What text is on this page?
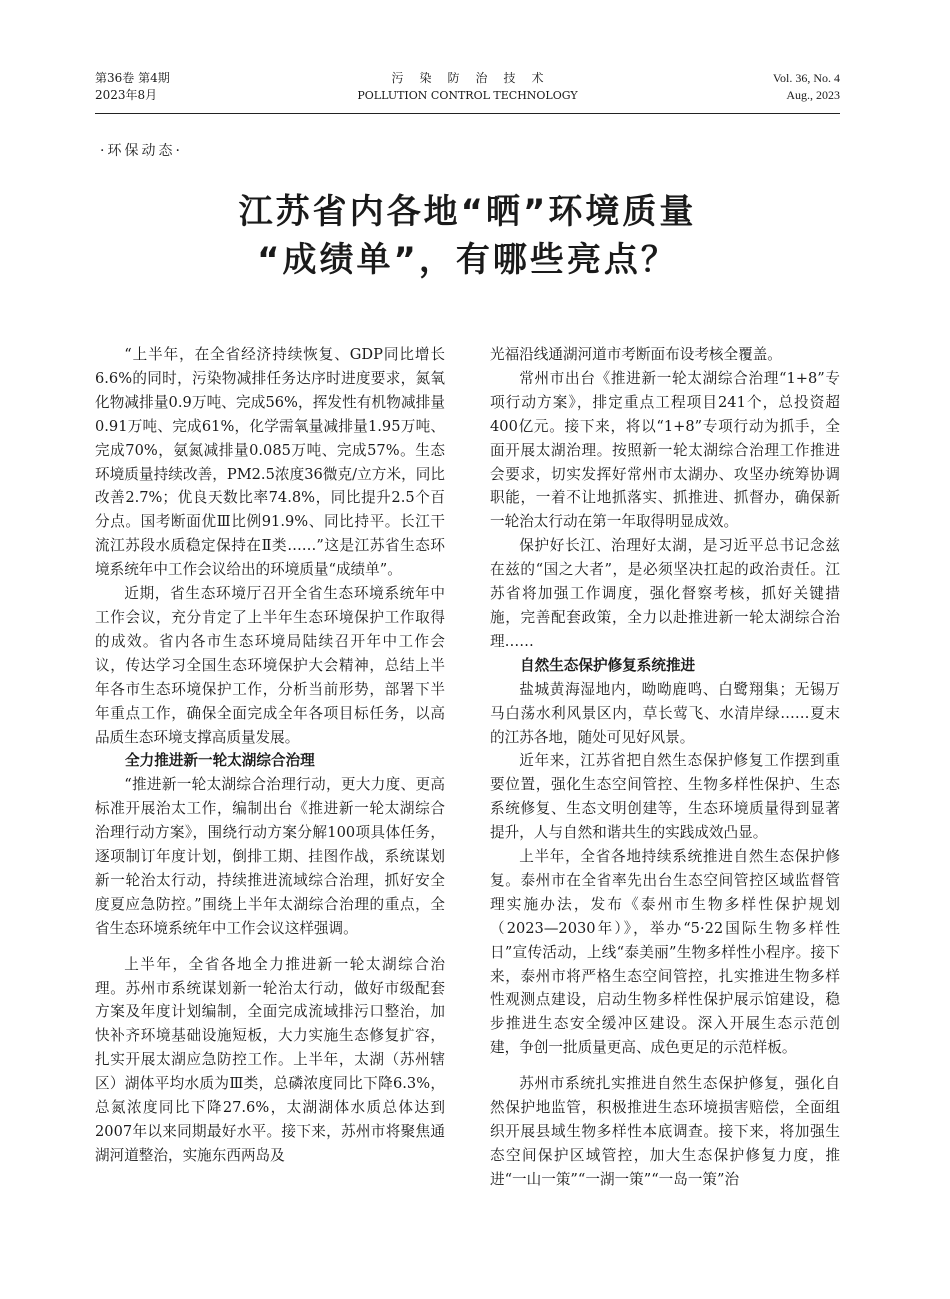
第36卷 第4期
2023年8月
污染防治技术
POLLUTION CONTROL TECHNOLOGY
Vol. 36, No. 4
Aug., 2023
·环保动态·
江苏省内各地“晒”环境质量
“成绩单”，有哪些亮点？

“上半年，在全省经济持续恢复、GDP同比增长6.6%的同时，污染物减排任务达序时进度要求，氮氧化物减排量0.9万吨、完成56%，挥发性有机物减排量0.91万吨、完成61%，化学需氧量减排量1.95万吨、完成70%，氨氮减排量0.085万吨、完成57%。生态环境质量持续改善，PM2.5浓度36微克/立方米，同比改善2.7%；优良天数比率74.8%，同比提升2.5个百分点。国考断面优Ⅲ比例91.9%、同比持平。长江干流江苏段水质稳定保持在Ⅱ类……”这是江苏省生态环境系统年中工作会议给出的环境质量“成绩单”。

近期，省生态环境厅召开全省生态环境系统年中工作会议，充分肯定了上半年生态环境保护工作取得的成效。省内各市生态环境局陆续召开年中工作会议，传达学习全国生态环境保护大会精神，总结上半年各市生态环境保护工作，分析当前形势，部署下半年重点工作，确保全面完成全年各项目标任务，以高品质生态环境支撑高质量发展。

全力推进新一轮太湖综合治理

“推进新一轮太湖综合治理行动，更大力度、更高标准开展治太工作，编制出台《推进新一轮太湖综合治理行动方案》，围绕行动方案分解100项具体任务，逐项制订年度计划，倒排工期、挂图作战，系统谋划新一轮治太行动，持续推进流域综合治理，抓好安全度夏应急防控。”围绕上半年太湖综合治理的重点，全省生态环境系统年中工作会议这样强调。

上半年，全省各地全力推进新一轮太湖综合治理。苏州市系统谋划新一轮治太行动，做好市级配套方案及年度计划编制，全面完成流域排污口整治，加快补齐环境基础设施短板，大力实施生态修复扩容，扎实开展太湖应急防控工作。上半年，太湖（苏州辖区）湖体平均水质为Ⅲ类，总磷浓度同比下降6.3%，总氮浓度同比下降27.6%，太湖湖体水质总体达到2007年以来同期最好水平。接下来，苏州市将聚焦通湖河道整治，实施东西两岛及

光福沿线通湖河道市考断面布设考核全覆盖。

常州市出台《推进新一轮太湖综合治理“1+8”专项行动方案》，排定重点工程项目241个，总投资超400亿元。接下来，将以“1+8”专项行动为抓手，全面开展太湖治理。按照新一轮太湖综合治理工作推进会要求，切实发挥好常州市太湖办、攻坚办统筹协调职能，一着不让地抓落实、抓推进、抓督办，确保新一轮治太行动在第一年取得明显成效。

保护好长江、治理好太湖，是习近平总书记念兹在兹的“国之大者”，是必须坚决扛起的政治责任。江苏省将加强工作调度，强化督察考核，抓好关键措施，完善配套政策，全力以赴推进新一轮太湖综合治理……

自然生态保护修复系统推进

盐城黄海湿地内，呦呦鹿鸣、白鹭翔集；无锡万马白荡水利风景区内，草长莺飞、水清岸绿……夏末的江苏各地，随处可见好风景。

近年来，江苏省把自然生态保护修复工作摆到重要位置，强化生态空间管控、生物多样性保护、生态系统修复、生态文明创建等，生态环境质量得到显著提升，人与自然和谐共生的实践成效凸显。

上半年，全省各地持续系统推进自然生态保护修复。泰州市在全省率先出台生态空间管控区域监督管理实施办法，发布《泰州市生物多样性保护规划（2023—2030年）》，举办“5·22国际生物多样性日”宣传活动，上线“泰美丽”生物多样性小程序。接下来，泰州市将严格生态空间管控，扎实推进生物多样性观测点建设，启动生物多样性保护展示馆建设，稳步推进生态安全缓冲区建设。深入开展生态示范创建，争创一批质量更高、成色更足的示范样板。

苏州市系统扎实推进自然生态保护修复，强化自然保护地监管，积极推进生态环境损害赔偿，全面组织开展县域生物多样性本底调查。接下来，将加强生态空间保护区域管控，加大生态保护修复力度，推进“一山一策”“一湖一策”“一岛一策”治
